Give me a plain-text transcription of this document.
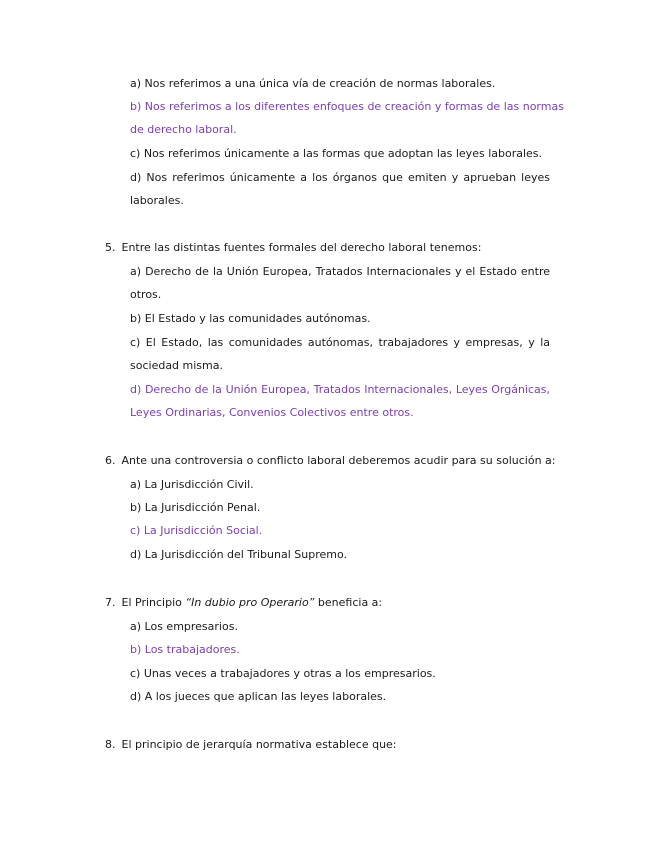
a) Nos referimos a una única vía de creación de normas laborales.
b) Nos referimos a los diferentes enfoques de creación y formas de las normas
de derecho laboral.
c) Nos referimos únicamente a las formas que adoptan las leyes laborales.
d) Nos referimos únicamente a los órganos que emiten y aprueban leyes
laborales.
5. Entre las distintas fuentes formales del derecho laboral tenemos:
a) Derecho de la Unión Europea, Tratados Internacionales y el Estado entre
otros.
b) El Estado y las comunidades autónomas.
c) El Estado, las comunidades autónomas, trabajadores y empresas, y la
sociedad misma.
d) Derecho de la Unión Europea, Tratados Internacionales, Leyes Orgánicas,
Leyes Ordinarias, Convenios Colectivos entre otros.
6. Ante una controversia o conflicto laboral deberemos acudir para su solución a:
a) La Jurisdicción Civil.
b) La Jurisdicción Penal.
c) La Jurisdicción Social.
d) La Jurisdicción del Tribunal Supremo.
7. El Principio “In dubio pro Operario” beneficia a:
a) Los empresarios.
b) Los trabajadores.
c) Unas veces a trabajadores y otras a los empresarios.
d) A los jueces que aplican las leyes laborales.
8. El principio de jerarquía normativa establece que:
